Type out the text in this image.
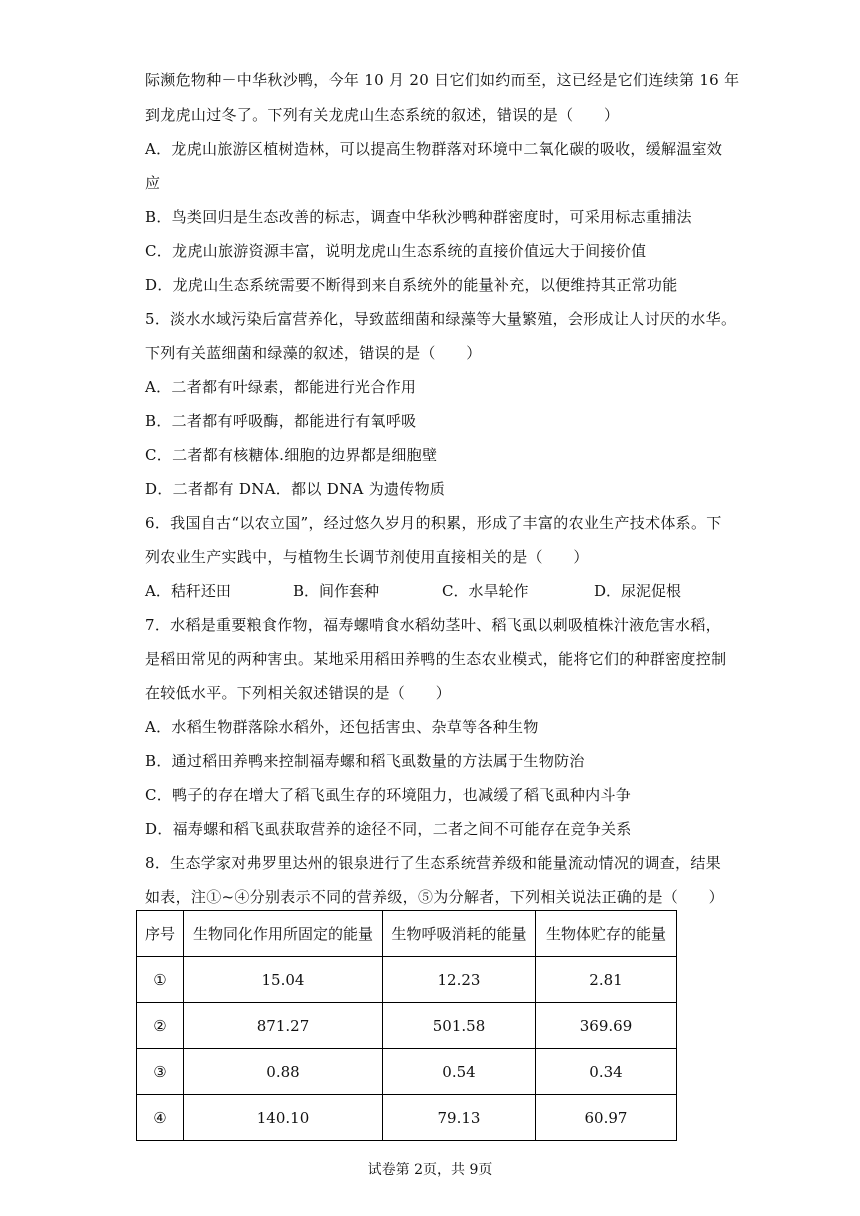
际濒危物种－中华秋沙鸭，今年 10 月 20 日它们如约而至，这已经是它们连续第 16 年
到龙虎山过冬了。下列有关龙虎山生态系统的叙述，错误的是（　　）
A．龙虎山旅游区植树造林，可以提高生物群落对环境中二氧化碳的吸收，缓解温室效
应
B．鸟类回归是生态改善的标志，调查中华秋沙鸭种群密度时，可采用标志重捕法
C．龙虎山旅游资源丰富，说明龙虎山生态系统的直接价值远大于间接价值
D．龙虎山生态系统需要不断得到来自系统外的能量补充，以便维持其正常功能
5．淡水水域污染后富营养化，导致蓝细菌和绿藻等大量繁殖，会形成让人讨厌的水华。
下列有关蓝细菌和绿藻的叙述，错误的是（　　）
A．二者都有叶绿素，都能进行光合作用
B．二者都有呼吸酶，都能进行有氧呼吸
C．二者都有核糖体.细胞的边界都是细胞壁
D．二者都有 DNA．都以 DNA 为遗传物质
6．我国自古“以农立国”，经过悠久岁月的积累，形成了丰富的农业生产技术体系。下
列农业生产实践中，与植物生长调节剂使用直接相关的是（　　）
A．秸秆还田	B．间作套种	C．水旱轮作	D．尿泥促根
7．水稻是重要粮食作物，福寿螺啃食水稻幼茎叶、稻飞虱以刺吸植株汁液危害水稻，
是稻田常见的两种害虫。某地采用稻田养鸭的生态农业模式，能将它们的种群密度控制
在较低水平。下列相关叙述错误的是（　　）
A．水稻生物群落除水稻外，还包括害虫、杂草等各种生物
B．通过稻田养鸭来控制福寿螺和稻飞虱数量的方法属于生物防治
C．鸭子的存在增大了稻飞虱生存的环境阻力，也减缓了稻飞虱种内斗争
D．福寿螺和稻飞虱获取营养的途径不同，二者之间不可能存在竞争关系
8．生态学家对弗罗里达州的银泉进行了生态系统营养级和能量流动情况的调查，结果
如表，注①~④分别表示不同的营养级，⑤为分解者，下列相关说法正确的是（　　）
序号	生物同化作用所固定的能量	生物呼吸消耗的能量	生物体贮存的能量
①	15.04	12.23	2.81
②	871.27	501.58	369.69
③	0.88	0.54	0.34
④	140.10	79.13	60.97
试卷第 2页，共 9页
